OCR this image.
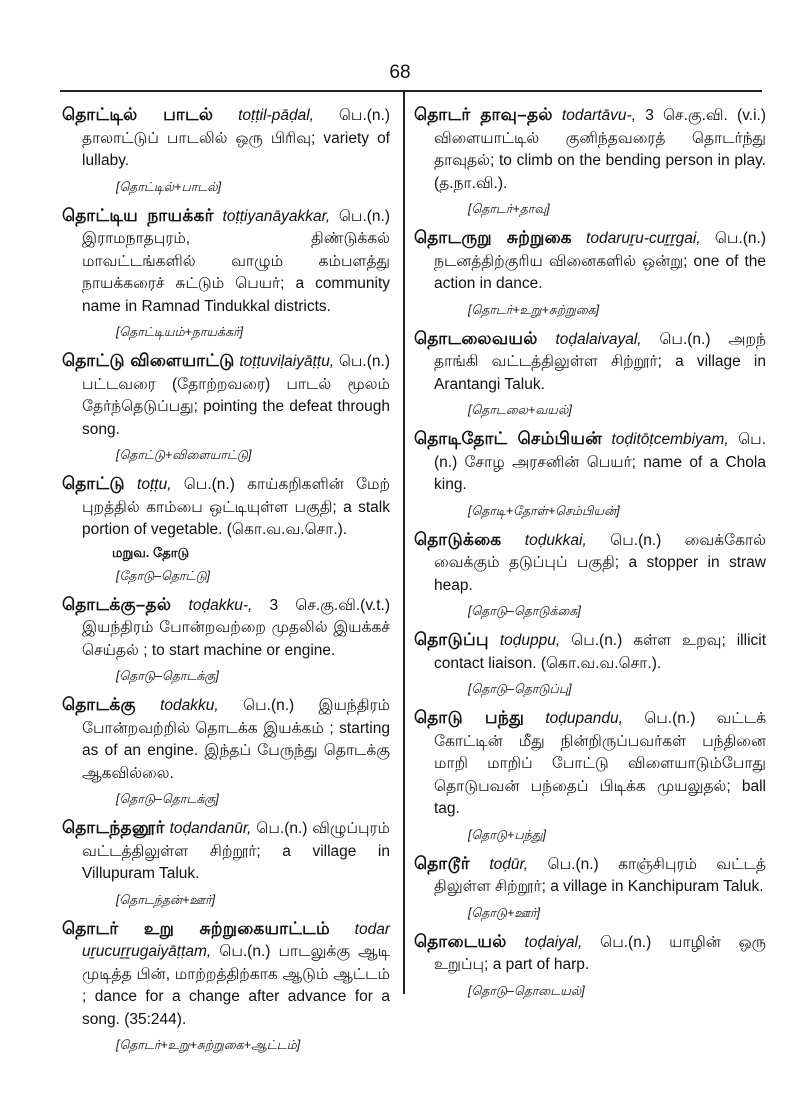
68
தொட்டில் பாடல் toṭṭil-pāḍal, பெ.(n.) தாலாட்டுப் பாடலில் ஒரு பிரிவு; variety of lullaby.
[தொட்டில்+பாடல்]
தொட்டிய நாயக்கர் toṭṭiyanāyakkar, பெ.(n.) இராமநாதபுரம், திண்டுக்கல் மாவட்டங்களில் வாழும் கம்பளத்து நாயக்கரைச் சுட்டும் பெயர்; a community name in Ramnad Tindukkal districts.
[தொட்டியம்+நாயக்கர்]
தொட்டு விளையாட்டு toṭṭuviḷaiyāṭṭu, பெ.(n.) பட்டவரை (தோற்றவரை) பாடல் மூலம் தேர்ந்தெடுப்பது; pointing the defeat through song.
[தொட்டு+விளையாட்டு]
தொட்டு toṭṭu, பெ.(n.) காய்கறிகளின் மேற் புறத்தில் காம்பை ஒட்டியுள்ள பகுதி; a stalk portion of vegetable. (கொ.வ.வ.சொ.).
மறுவ. தோடு
[தோடு–தொட்டு]
தொடக்கு–தல் toḍakku-, 3 செ.கு.வி.(v.t.) இயந்திரம் போன்றவற்றை முதலில் இயக்கச் செய்தல் ; to start machine or engine.
[தொடு–தொடக்கு]
தொடக்கு todakku, பெ.(n.) இயந்திரம் போன்றவற்றில் தொடக்க இயக்கம் ; starting as of an engine. இந்தப் பேருந்து தொடக்கு ஆகவில்லை.
[தொடு–தொடக்கு]
தொடந்தனூர் toḍandanūr, பெ.(n.) விழுப்புரம் வட்டத்திலுள்ள சிற்றூர்; a village in Villupuram Taluk.
[தொடந்தன்+ஊர்]
தொடர் உறு சுற்றுகையாட்டம் todar uṟucuṟṟugaiyāṭṭam, பெ.(n.) பாடலுக்கு ஆடி முடித்த பின், மாற்றத்திற்காக ஆடும் ஆட்டம் ; dance for a change after advance for a song. (35:244).
[தொடர்+உறு+சுற்றுகை+ஆட்டம்]
தொடர் தாவு–தல் todartāvu-, 3 செ.கு.வி. (v.i.) விளையாட்டில் குனிந்தவரைத் தொடர்ந்து தாவுதல்; to climb on the bending person in play. (த.நா.வி.).
[தொடர்+தாவு]
தொடருறு சுற்றுகை todaruṟu-cuṟṟgai, பெ.(n.) நடனத்திற்குரிய வினைகளில் ஒன்று; one of the action in dance.
[தொடர்+உறு+சுற்றுகை]
தொடலைவயல் toḍalaivayal, பெ.(n.) அறந் தாங்கி வட்டத்திலுள்ள சிற்றூர்; a village in Arantangi Taluk.
[தொடலை+வயல்]
தொடிதோட் செம்பியன் toḍitōṭcembiyam, பெ.(n.) சோழ அரசனின் பெயர்; name of a Chola king.
[தொடி+தோள்+செம்பியன்]
தொடுக்கை toḍukkai, பெ.(n.) வைக்கோல் வைக்கும் தடுப்புப் பகுதி; a stopper in straw heap.
[தொடு–தொடுக்கை]
தொடுப்பு toḍuppu, பெ.(n.) கள்ள உறவு; illicit contact liaison. (கொ.வ.வ.சொ.).
[தொடு–தொடுப்பு]
தொடு பந்து toḍupandu, பெ.(n.) வட்டக் கோட்டின் மீது நின்றிருப்பவர்கள் பந்தினை மாறி மாறிப் போட்டு விளையாடும்போது தொடுபவன் பந்தைப் பிடிக்க முயலுதல்; ball tag.
[தொடு+பந்து]
தொடூர் toḍūr, பெ.(n.) காஞ்சிபுரம் வட்டத் திலுள்ள சிற்றூர்; a village in Kanchipuram Taluk.
[தொடு+ஊர்]
தொடையல் toḍaiyal, பெ.(n.) யாழின் ஒரு உறுப்பு; a part of harp.
[தொடு–தொடையல்]
